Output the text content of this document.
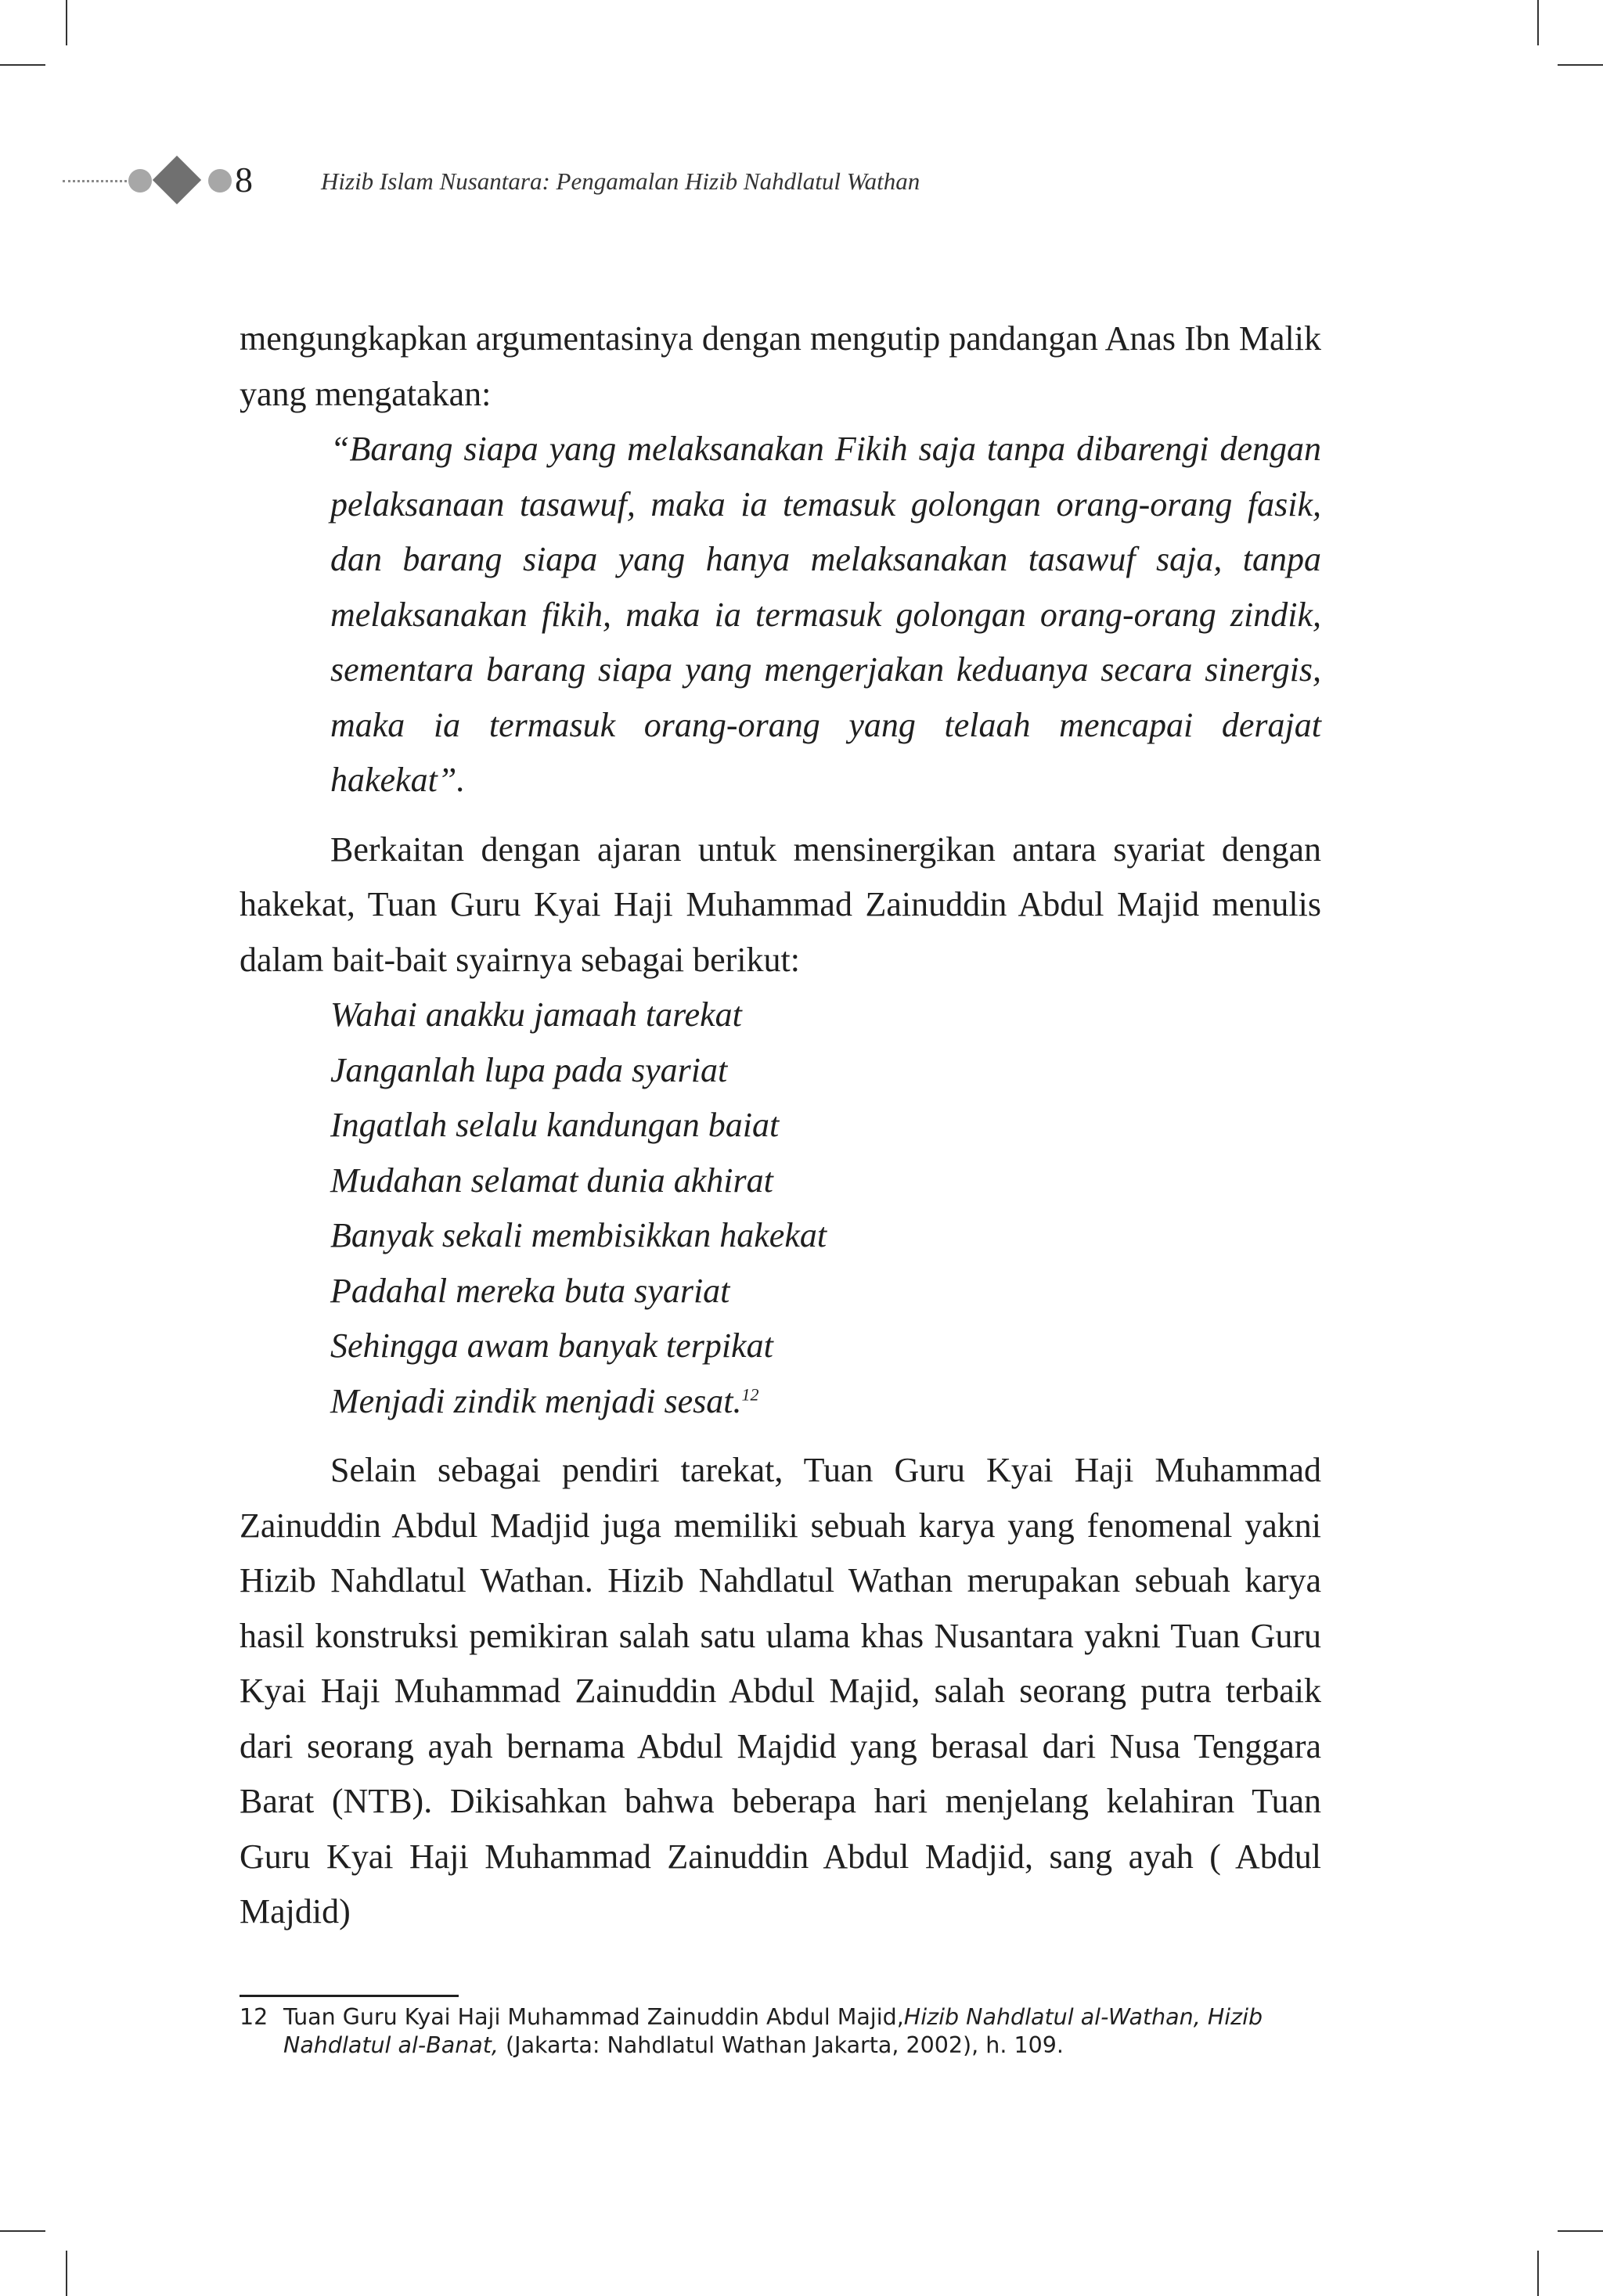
8	Hizib Islam Nusantara: Pengamalan Hizib Nahdlatul Wathan

mengungkapkan argumentasinya dengan mengutip pandangan Anas Ibn Malik yang mengatakan:

“Barang siapa yang melaksanakan Fikih saja tanpa dibarengi dengan pelaksanaan tasawuf, maka ia temasuk golongan orang-orang fasik, dan barang siapa yang hanya melaksanakan tasawuf saja, tanpa melaksanakan fikih, maka ia termasuk golongan orang-orang zindik, sementara barang siapa yang mengerjakan keduanya secara sinergis, maka ia termasuk orang-orang yang telaah mencapai derajat hakekat”.

Berkaitan dengan ajaran untuk mensinergikan antara syariat dengan hakekat, Tuan Guru Kyai Haji Muhammad Zainuddin Abdul Majid menulis dalam bait-bait syairnya sebagai berikut:

Wahai anakku jamaah tarekat
Janganlah lupa pada syariat
Ingatlah selalu kandungan baiat
Mudahan selamat dunia akhirat
Banyak sekali membisikkan hakekat
Padahal mereka buta syariat
Sehingga awam banyak terpikat
Menjadi zindik menjadi sesat.$^{12}$

Selain sebagai pendiri tarekat, Tuan Guru Kyai Haji Muhammad Zainuddin Abdul Madjid juga memiliki sebuah karya yang fenomenal yakni Hizib Nahdlatul Wathan. Hizib Nahdlatul Wathan merupakan sebuah karya hasil konstruksi pemikiran salah satu ulama khas Nusantara yakni Tuan Guru Kyai Haji Muhammad Zainuddin Abdul Majid, salah seorang putra terbaik dari seorang ayah bernama Abdul Majdid yang berasal dari Nusa Tenggara Barat (NTB). Dikisahkan bahwa beberapa hari menjelang kelahiran Tuan Guru Kyai Haji Muhammad Zainuddin Abdul Madjid, sang ayah ( Abdul Majdid)

12 Tuan Guru Kyai Haji Muhammad Zainuddin Abdul Majid,Hizib Nahdlatul al-Wathan, Hizib Nahdlatul al-Banat, (Jakarta: Nahdlatul Wathan Jakarta, 2002), h. 109.
